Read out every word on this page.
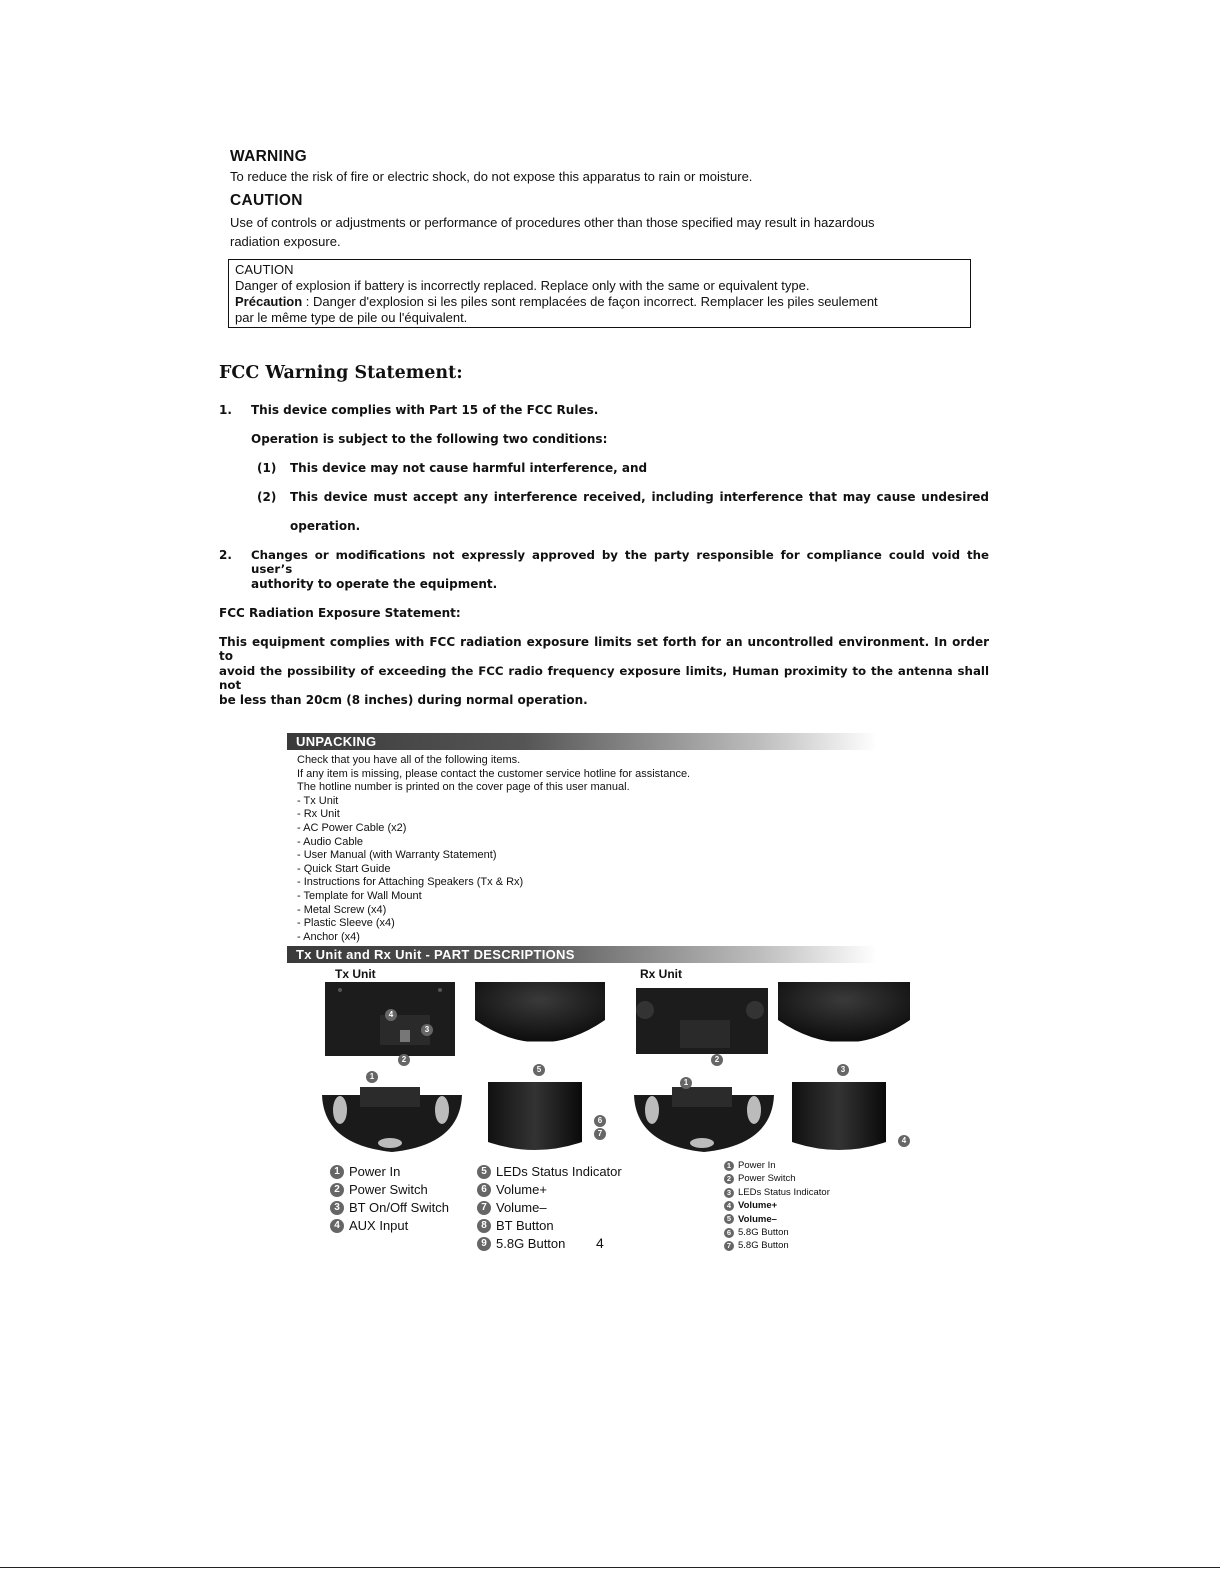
WARNING
To reduce the risk of fire or electric shock, do not expose this apparatus to rain or moisture.
CAUTION
Use of controls or adjustments or performance of procedures other than those specified may result in hazardous
radiation exposure.
CAUTION
Danger of explosion if battery is incorrectly replaced. Replace only with the same or equivalent type.
Précaution : Danger d'explosion si les piles sont remplacées de façon incorrect. Remplacer les piles seulement
par le même type de pile ou l'équivalent.
FCC Warning Statement:
1.	This device complies with Part 15 of the FCC Rules.
Operation is subject to the following two conditions:
(1) This device may not cause harmful interference, and
(2) This device must accept any interference received, including interference that may cause undesired
operation.
2.	Changes or modifications not expressly approved by the party responsible for compliance could void the user’s
authority to operate the equipment.
FCC Radiation Exposure Statement:
This equipment complies with FCC radiation exposure limits set forth for an uncontrolled environment. In order to
avoid the possibility of exceeding the FCC radio frequency exposure limits, Human proximity to the antenna shall not
be less than 20cm (8 inches) during normal operation.
UNPACKING
Check that you have all of the following items.
If any item is missing, please contact the customer service hotline for assistance.
The hotline number is printed on the cover page of this user manual.
- Tx Unit
- Rx Unit
- AC Power Cable (x2)
- Audio Cable
- User Manual (with Warranty Statement)
- Quick Start Guide
- Instructions for Attaching Speakers (Tx & Rx)
- Template for Wall Mount
- Metal Screw (x4)
- Plastic Sleeve (x4)
- Anchor (x4)
Tx Unit and Rx Unit - PART DESCRIPTIONS
Tx Unit	Rx Unit
4
3
2
5
1
6
7
2
3
1
4
1 Power In
2 Power Switch
3 BT On/Off Switch
4 AUX Input
5 LEDs Status Indicator
6 Volume+
7 Volume–
8 BT Button
9 5.8G Button 4
1 Power In
2 Power Switch
3 LEDs Status Indicator
4 Volume+
5 Volume–
6 5.8G Button
7 5.8G Button
